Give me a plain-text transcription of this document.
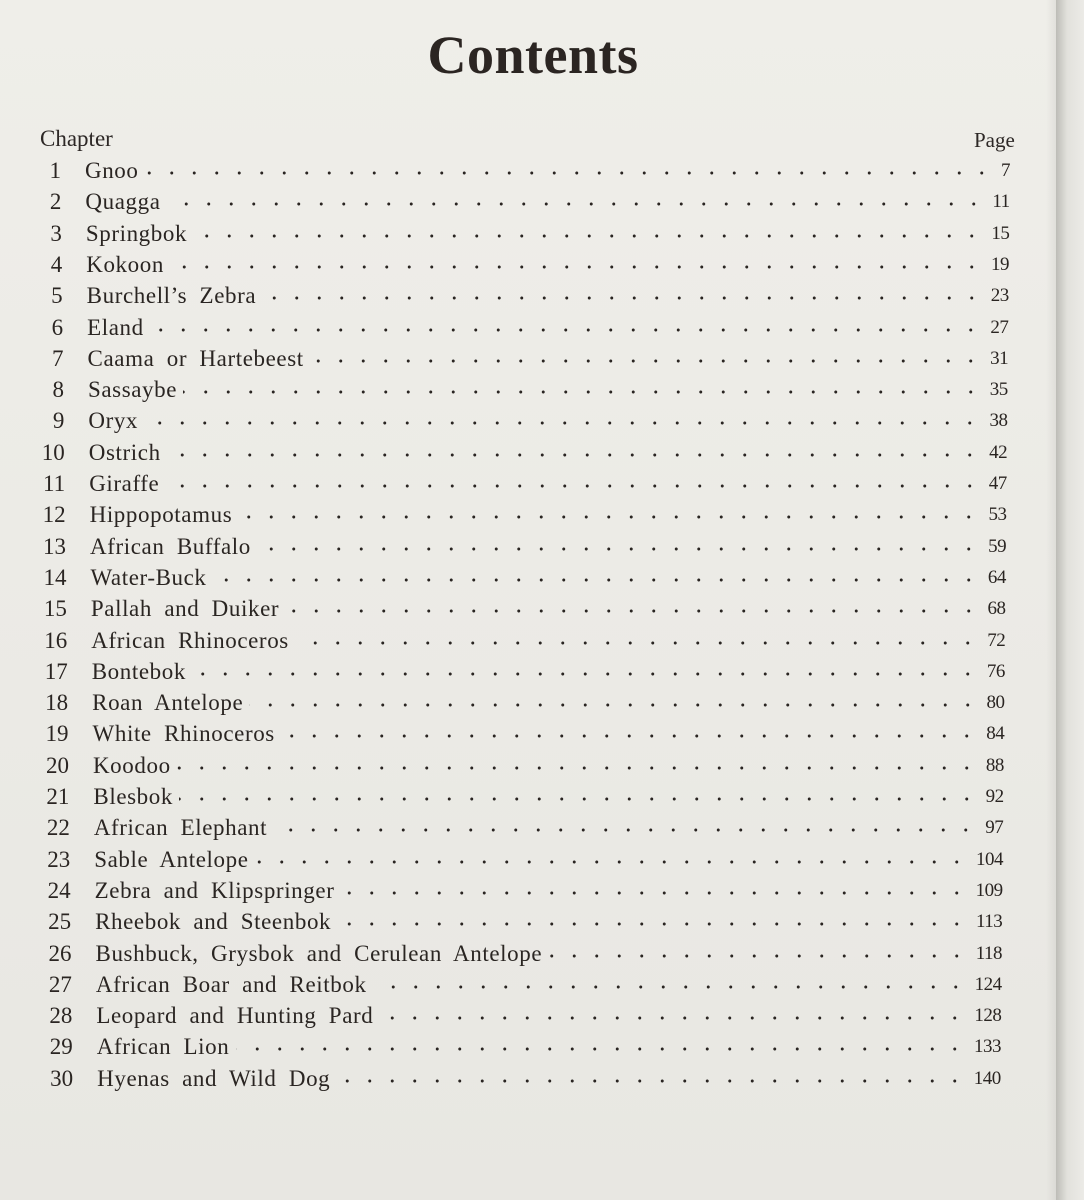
Contents
Chapter	Page
1 Gnoo	7
2 Quagga	11
3 Springbok	15
4 Kokoon	19
5 Burchell’s Zebra	23
6 Eland	27
7 Caama or Hartebeest	31
8 Sassaybe	35
9 Oryx	38
10 Ostrich	42
11 Giraffe	47
12 Hippopotamus	53
13 African Buffalo	59
14 Water-Buck	64
15 Pallah and Duiker	68
16 African Rhinoceros	72
17 Bontebok	76
18 Roan Antelope	80
19 White Rhinoceros	84
20 Koodoo	88
21 Blesbok	92
22 African Elephant	97
23 Sable Antelope	104
24 Zebra and Klipspringer	109
25 Rheebok and Steenbok	113
26 Bushbuck, Grysbok and Cerulean Antelope	118
27 African Boar and Reitbok	124
28 Leopard and Hunting Pard	128
29 African Lion	133
30 Hyenas and Wild Dog	140
